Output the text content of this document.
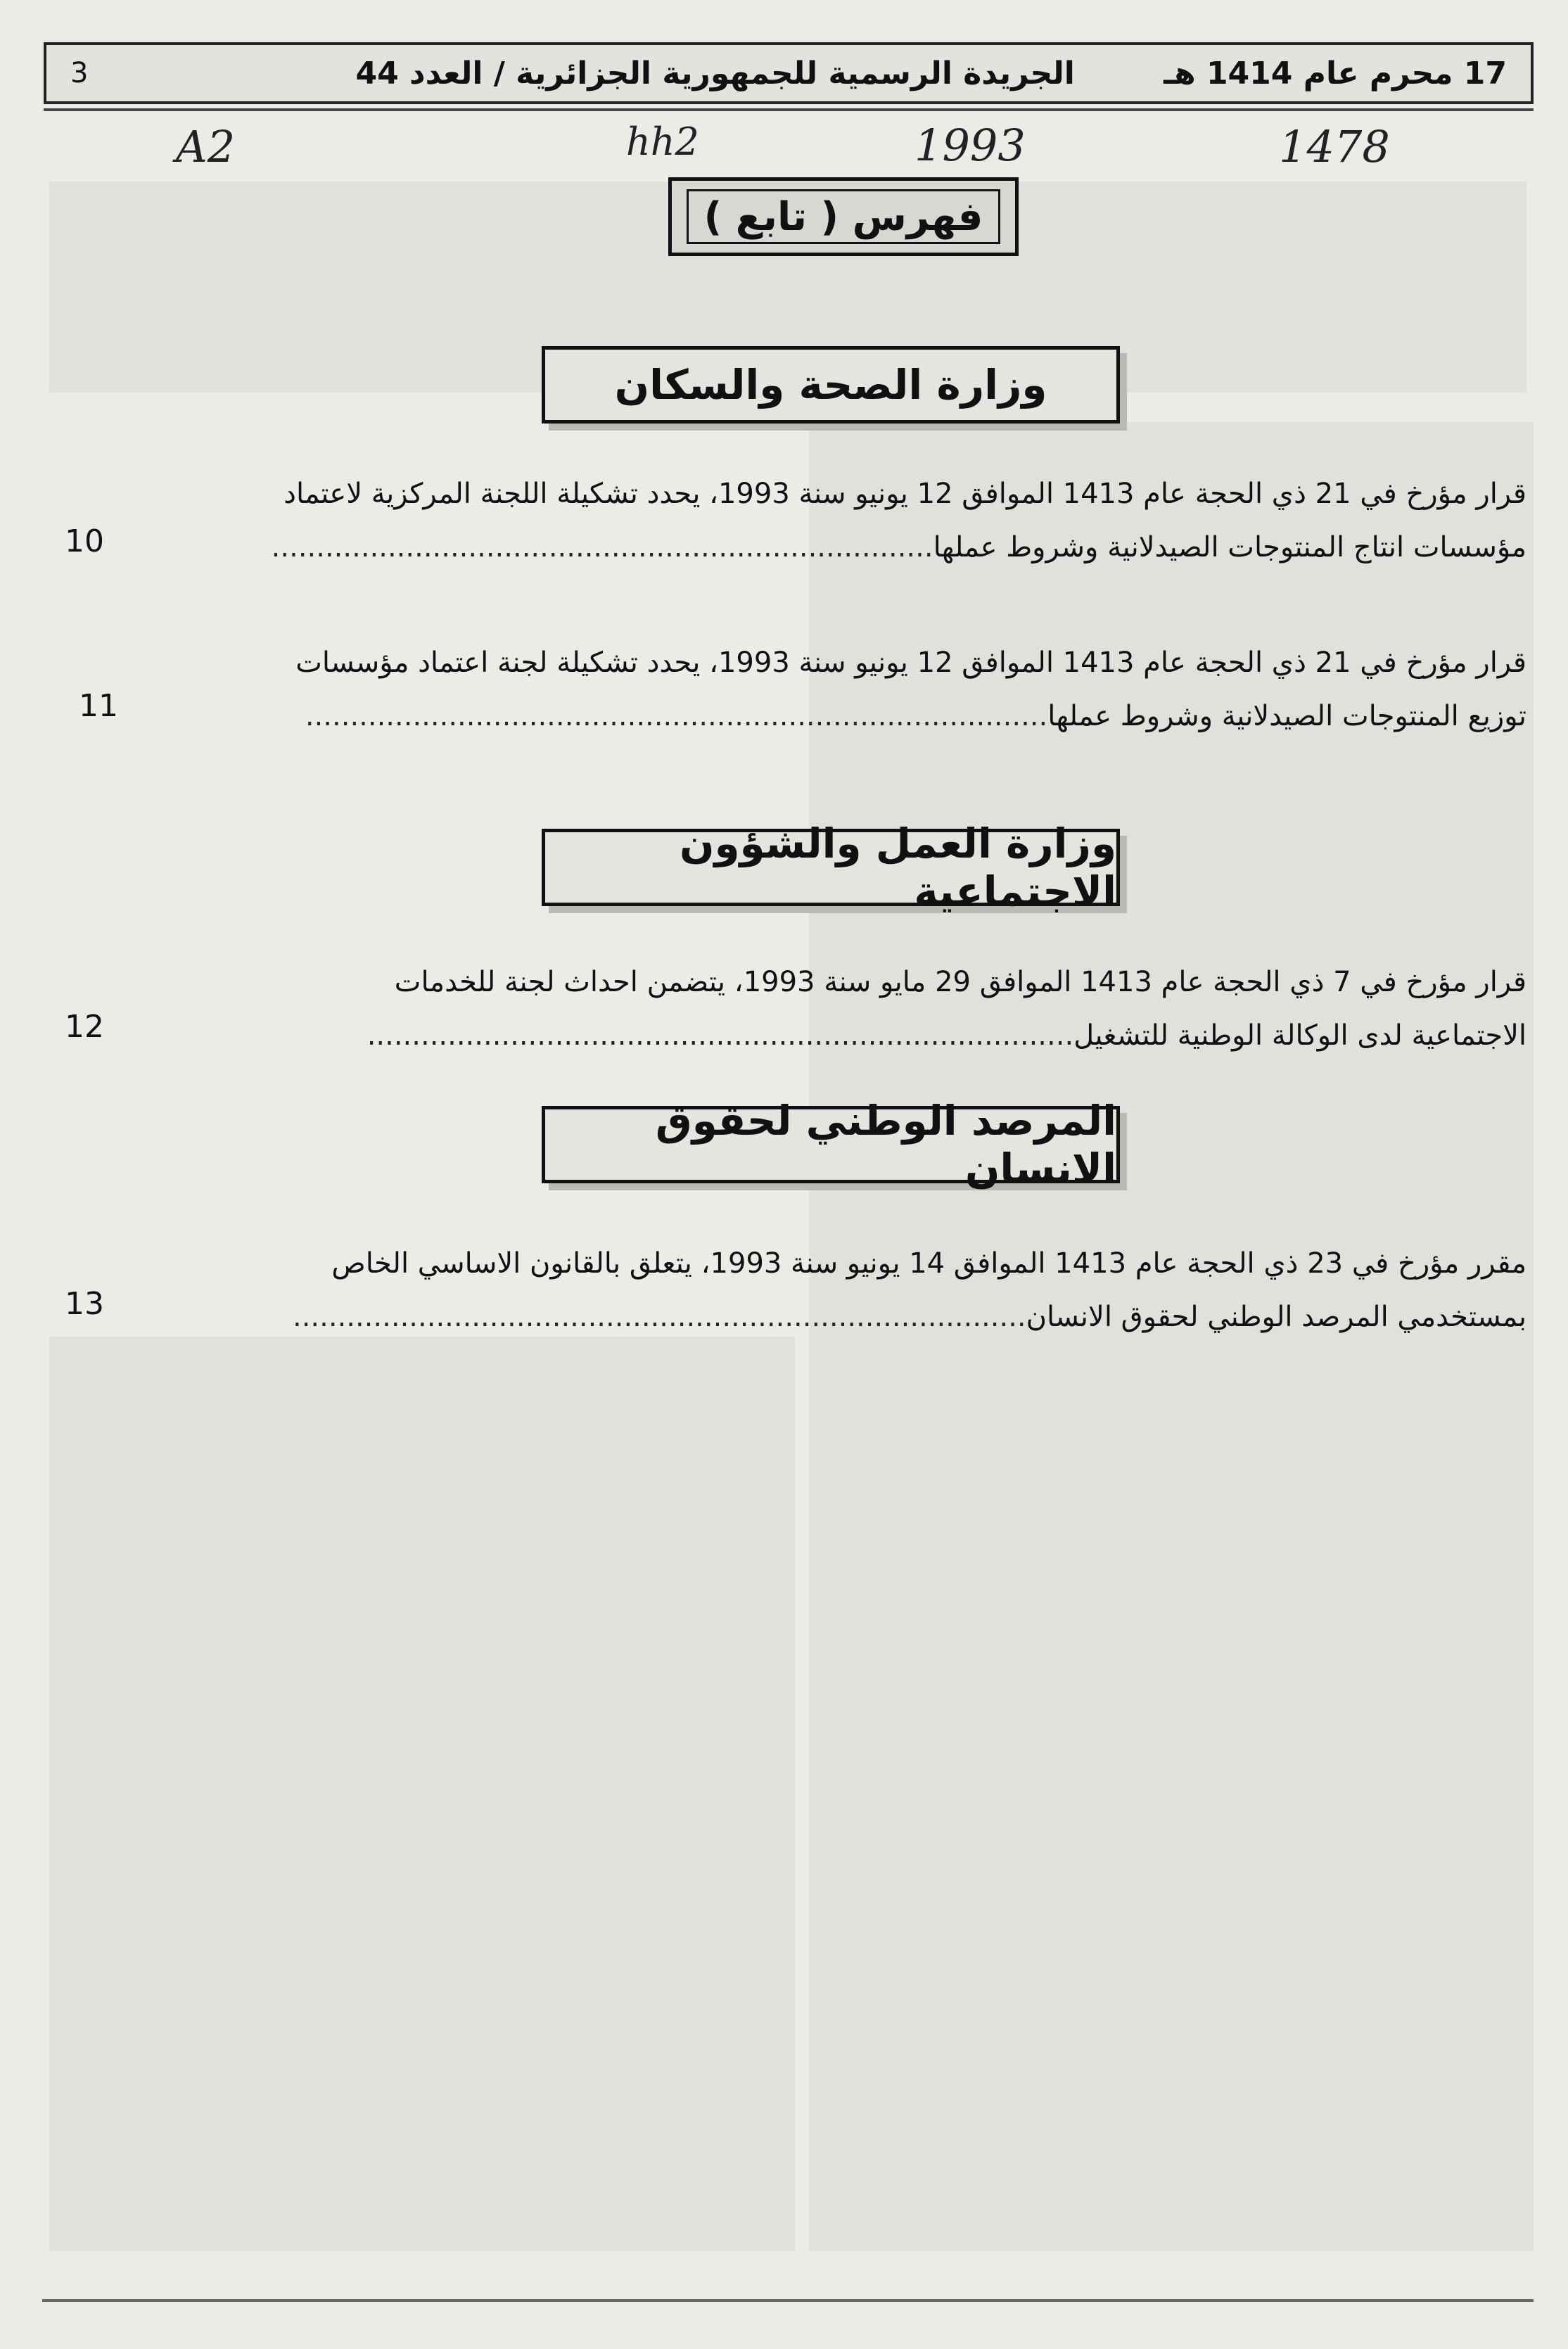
3	17 محرم عام 1414 هـ
الجريدة الرسمية للجمهورية الجزائرية / العدد 44
A2	hh2	1993	1478
فهرس ( تابع )
وزارة الصحة والسكان
قرار مؤرخ في 21 ذي الحجة عام 1413 الموافق 12 يونيو سنة 1993، يحدد تشكيلة اللجنة المركزية لاعتماد
مؤسسات انتاج المنتوجات الصيدلانية وشروط عملها..........................................................................
10
قرار مؤرخ في 21 ذي الحجة عام 1413 الموافق 12 يونيو سنة 1993، يحدد تشكيلة لجنة اعتماد مؤسسات
توزيع المنتوجات الصيدلانية وشروط عملها...................................................................................
11
وزارة العمل والشؤون الاجتماعية
قرار مؤرخ في 7 ذي الحجة عام 1413 الموافق 29 مايو سنة 1993، يتضمن احداث لجنة للخدمات
الاجتماعية لدى الوكالة الوطنية للتشغيل...............................................................................
12
المرصد الوطني لحقوق الانسان
مقرر مؤرخ في 23 ذي الحجة عام 1413 الموافق 14 يونيو سنة 1993، يتعلق بالقانون الاساسي الخاص
بمستخدمي المرصد الوطني لحقوق الانسان..................................................................................
13
